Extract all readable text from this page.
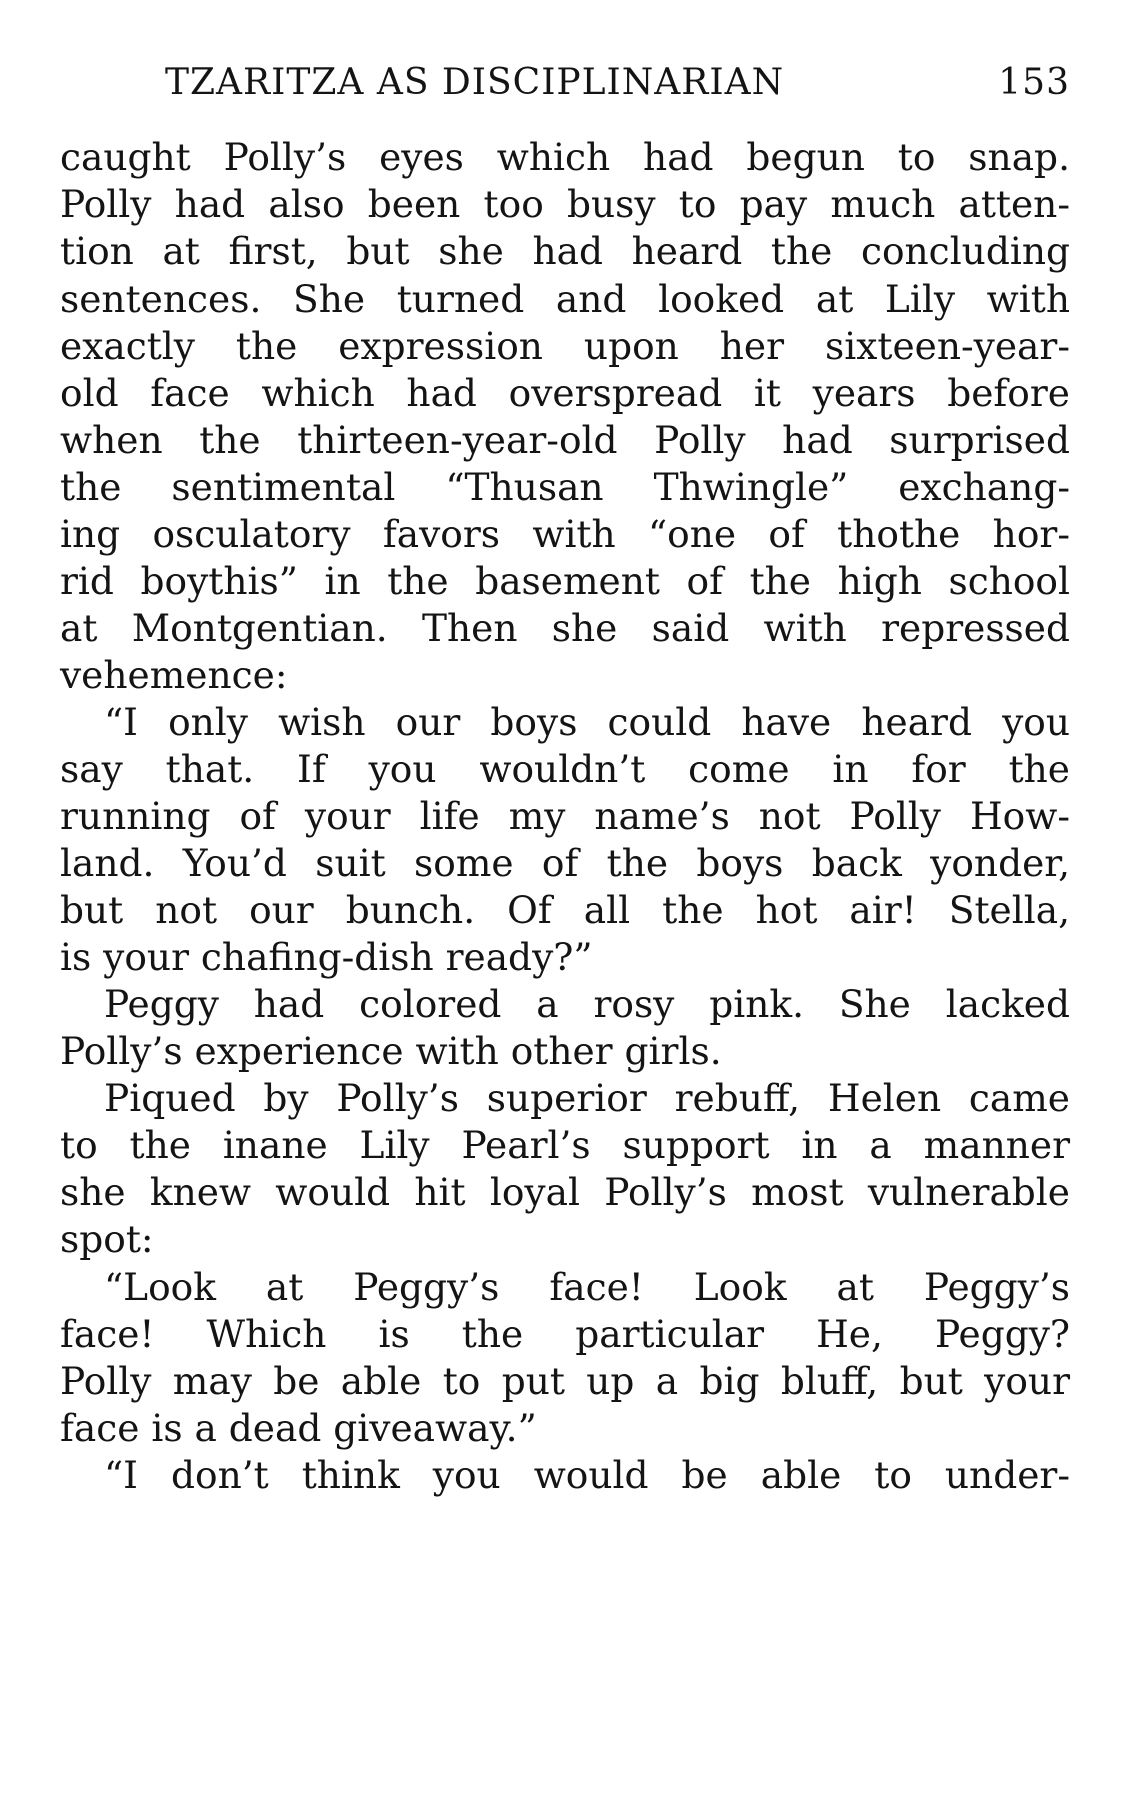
TZARITZA AS DISCIPLINARIAN	153
caught Polly’s eyes which had begun to snap.
Polly had also been too busy to pay much atten-
tion at first, but she had heard the concluding
sentences. She turned and looked at Lily with
exactly the expression upon her sixteen-year-
old face which had overspread it years before
when the thirteen-year-old Polly had surprised
the sentimental “Thusan Thwingle” exchang-
ing osculatory favors with “one of thothe hor-
rid boythis” in the basement of the high school
at Montgentian. Then she said with repressed
vehemence:
“I only wish our boys could have heard you
say that. If you wouldn’t come in for the
running of your life my name’s not Polly How-
land. You’d suit some of the boys back yonder,
but not our bunch. Of all the hot air! Stella,
is your chafing-dish ready?”
Peggy had colored a rosy pink. She lacked
Polly’s experience with other girls.
Piqued by Polly’s superior rebuff, Helen came
to the inane Lily Pearl’s support in a manner
she knew would hit loyal Polly’s most vulnerable
spot:
“Look at Peggy’s face! Look at Peggy’s
face! Which is the particular He, Peggy?
Polly may be able to put up a big bluff, but your
face is a dead giveaway.”
“I don’t think you would be able to under-
